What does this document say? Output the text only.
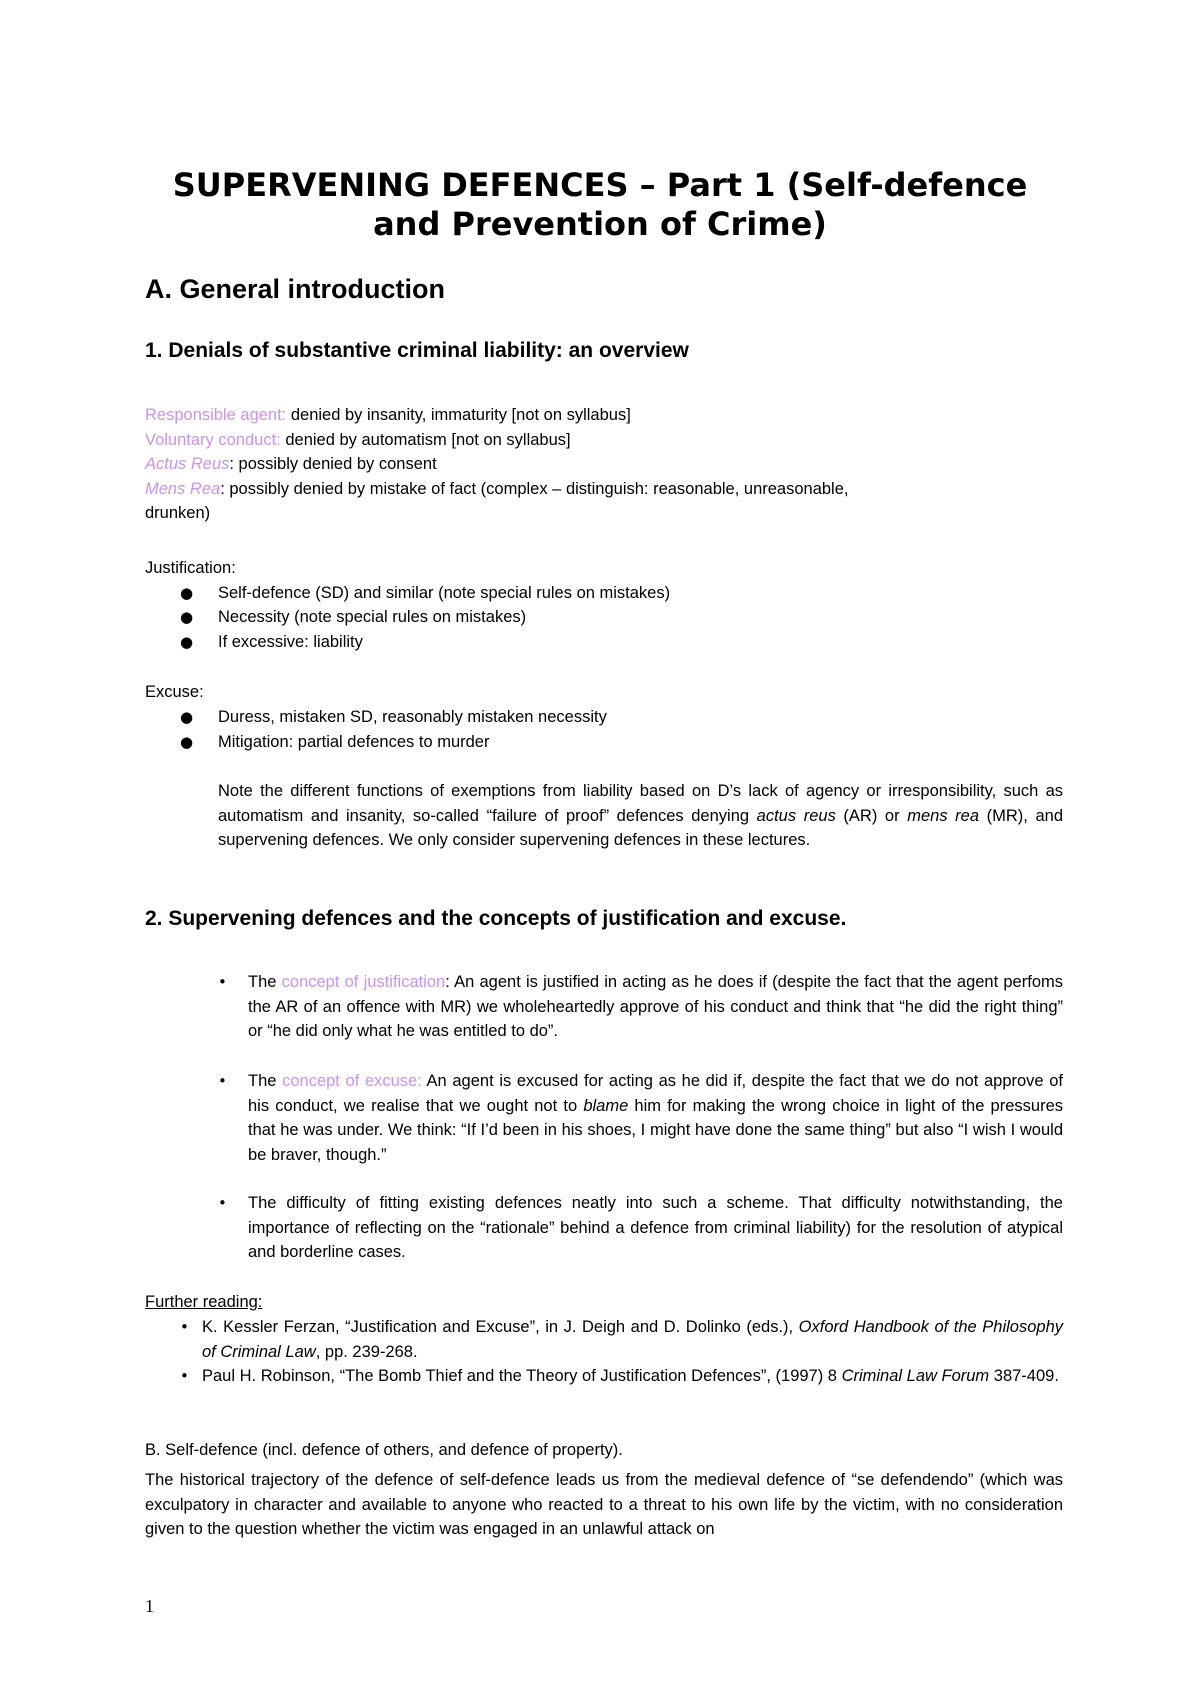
SUPERVENING DEFENCES – Part 1 (Self-defence
and Prevention of Crime)
A. General introduction
1. Denials of substantive criminal liability: an overview
Responsible agent: denied by insanity, immaturity [not on syllabus]
Voluntary conduct: denied by automatism [not on syllabus]
Actus Reus: possibly denied by consent
Mens Rea: possibly denied by mistake of fact (complex – distinguish: reasonable, unreasonable,
drunken)
Justification:
● Self-defence (SD) and similar (note special rules on mistakes)
● Necessity (note special rules on mistakes)
● If excessive: liability
Excuse:
● Duress, mistaken SD, reasonably mistaken necessity
● Mitigation: partial defences to murder
Note the different functions of exemptions from liability based on D’s lack of agency or irresponsibility, such as automatism and insanity, so-called “failure of proof” defences denying actus reus (AR) or mens rea (MR), and supervening defences. We only consider supervening defences in these lectures.
2. Supervening defences and the concepts of justification and excuse.
• The concept of justification: An agent is justified in acting as he does if (despite the fact that the agent perfoms the AR of an offence with MR) we wholeheartedly approve of his conduct and think that “he did the right thing” or “he did only what he was entitled to do”.
• The concept of excuse: An agent is excused for acting as he did if, despite the fact that we do not approve of his conduct, we realise that we ought not to blame him for making the wrong choice in light of the pressures that he was under. We think: “If I’d been in his shoes, I might have done the same thing” but also “I wish I would be braver, though.”
• The difficulty of fitting existing defences neatly into such a scheme. That difficulty notwithstanding, the importance of reflecting on the “rationale” behind a defence from criminal liability) for the resolution of atypical and borderline cases.
Further reading:
• K. Kessler Ferzan, “Justification and Excuse”, in J. Deigh and D. Dolinko (eds.), Oxford Handbook of the Philosophy of Criminal Law, pp. 239-268.
• Paul H. Robinson, “The Bomb Thief and the Theory of Justification Defences”, (1997) 8 Criminal Law Forum 387-409.
B. Self-defence (incl. defence of others, and defence of property).
The historical trajectory of the defence of self-defence leads us from the medieval defence of “se defendendo” (which was exculpatory in character and available to anyone who reacted to a threat to his own life by the victim, with no consideration given to the question whether the victim was engaged in an unlawful attack on
1
